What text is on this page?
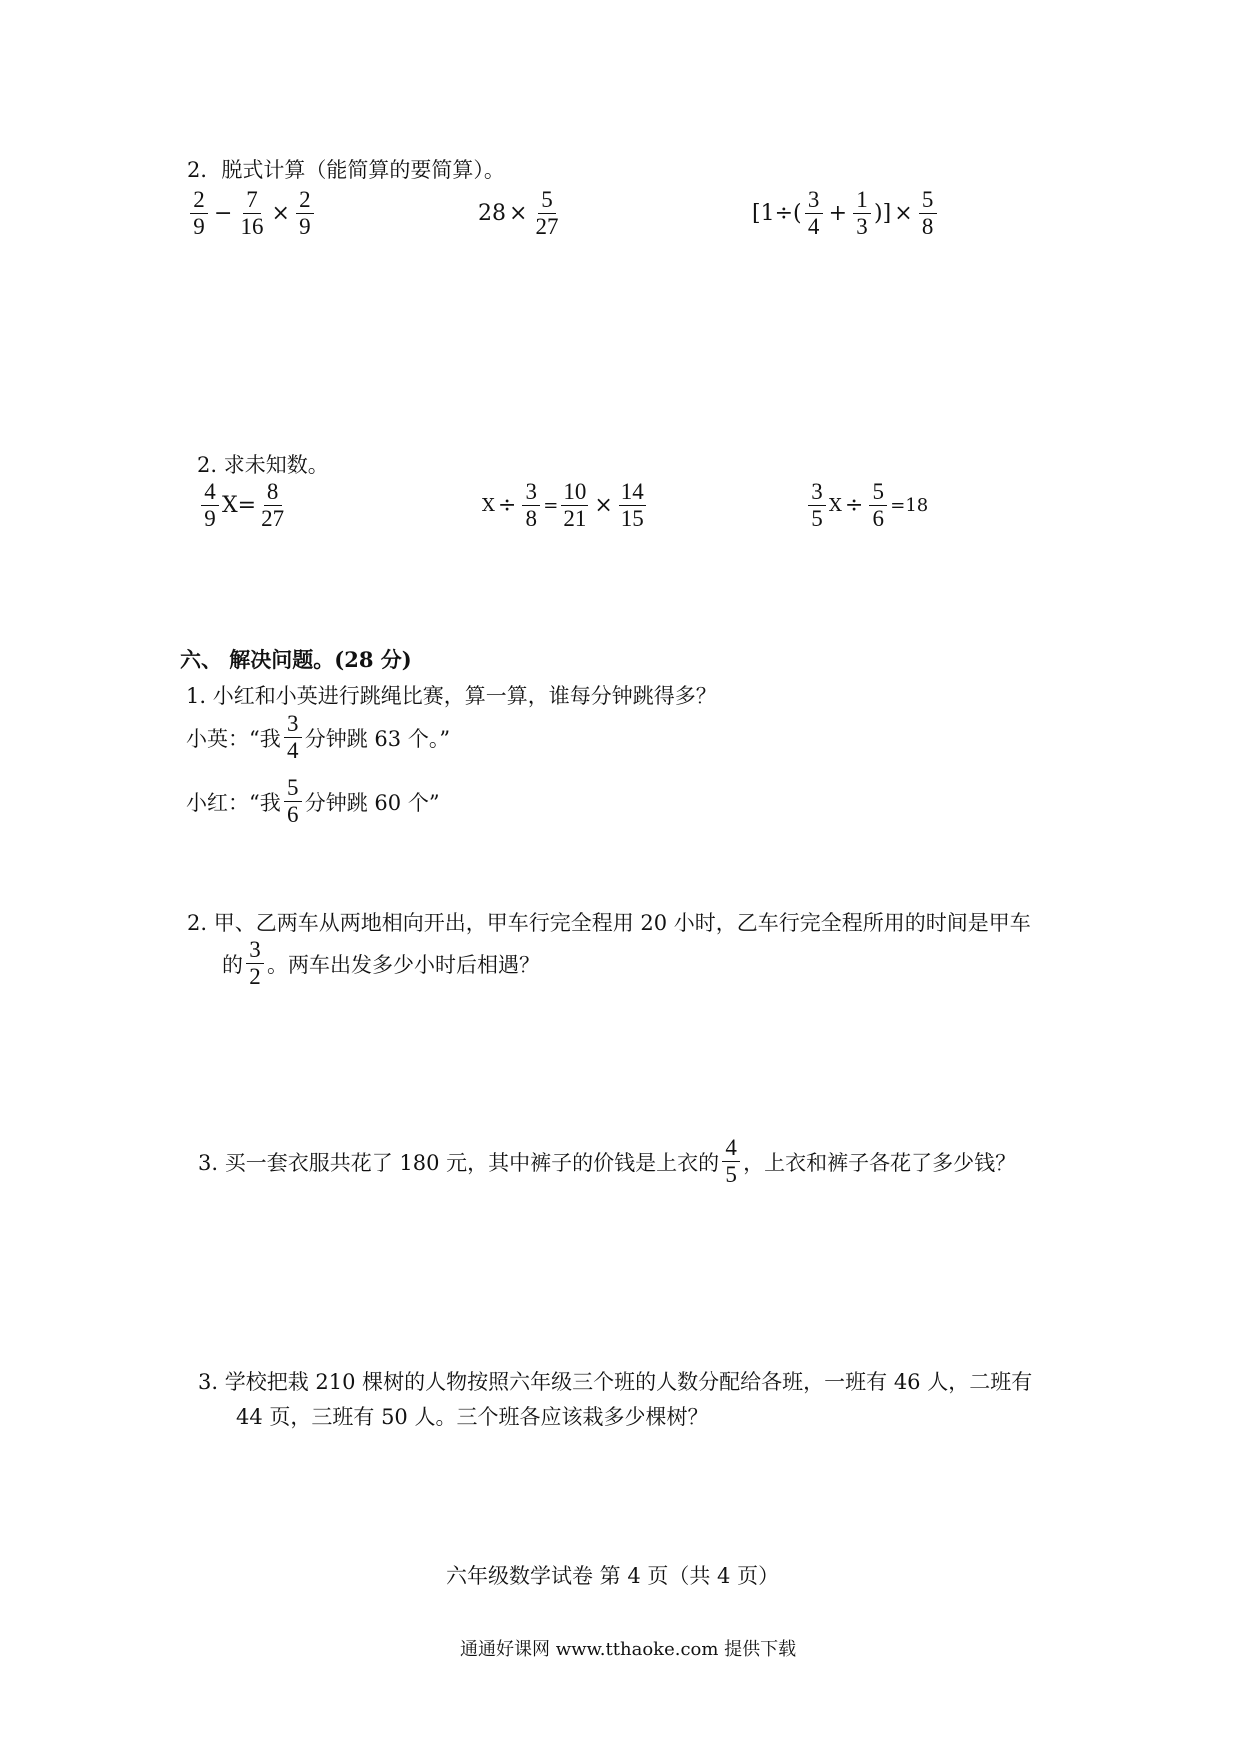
2．脱式计算（能简算的要简算）。
$\frac{2}{9} - \frac{7}{16} \times \frac{2}{9}$	$28 \times \frac{5}{27}$	[$1\div( \frac{3}{4} + \frac{1}{3}$ )] × $\frac{5}{8}$
2. 求未知数。
$\frac{4}{9} X= \frac{8}{27}$	$X \div \frac{3}{8} = \frac{10}{21} \times \frac{14}{15}$	$\frac{3}{5}$ $X \div \frac{5}{6} =18$
六、 解决问题。(28 分)
1. 小红和小英进行跳绳比赛，算一算，谁每分钟跳得多？
小英：“我 $\frac{3}{4}$ 分钟跳 63 个。”
小红：“我 $\frac{5}{6}$ 分钟跳 60 个”
2. 甲、乙两车从两地相向开出，甲车行完全程用 20 小时，乙车行完全程所用的时间是甲车
的 $\frac{3}{2}$ 。两车出发多少小时后相遇？
3. 买一套衣服共花了 180 元，其中裤子的价钱是上衣的 $\frac{4}{5}$ ，上衣和裤子各花了多少钱？
3. 学校把栽 210 棵树的人物按照六年级三个班的人数分配给各班，一班有 46 人，二班有
44 页，三班有 50 人。三个班各应该栽多少棵树？
六年级数学试卷 第 4 页（共 4 页）
通通好课网 www.tthaoke.com 提供下载
